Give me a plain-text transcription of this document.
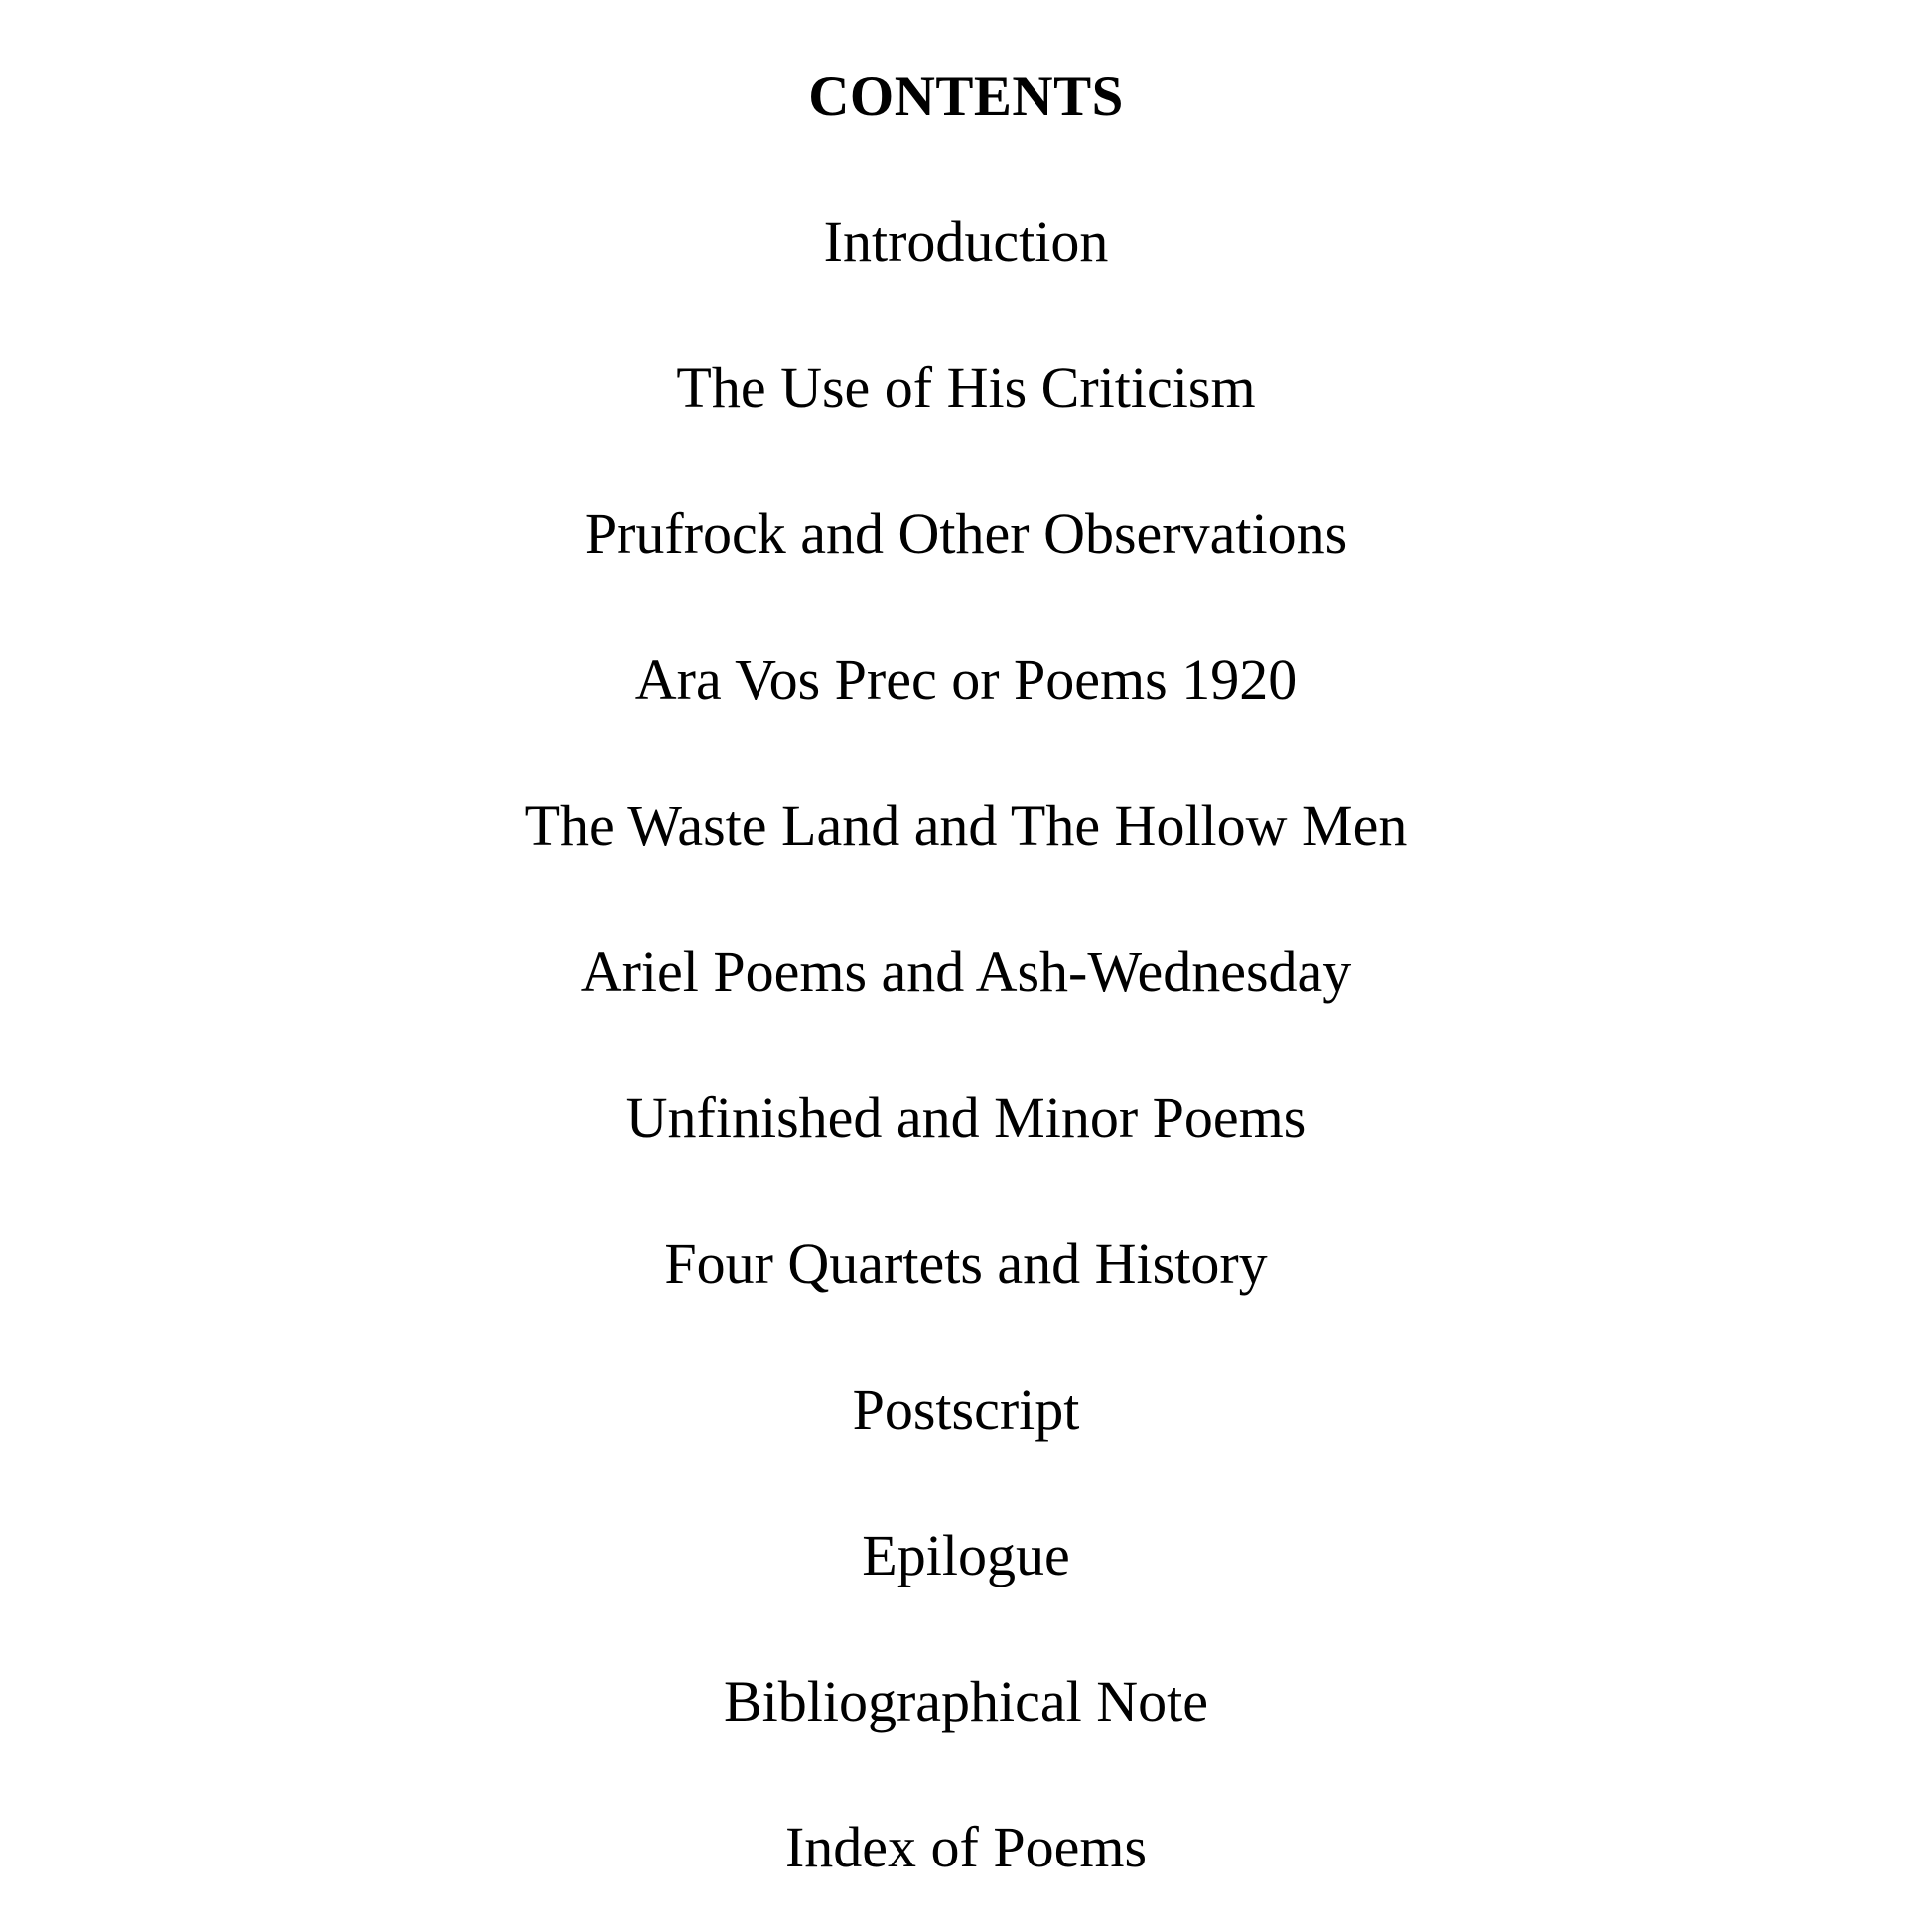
CONTENTS
Introduction
The Use of His Criticism
Prufrock and Other Observations
Ara Vos Prec or Poems 1920
The Waste Land and The Hollow Men
Ariel Poems and Ash-Wednesday
Unfinished and Minor Poems
Four Quartets and History
Postscript
Epilogue
Bibliographical Note
Index of Poems
